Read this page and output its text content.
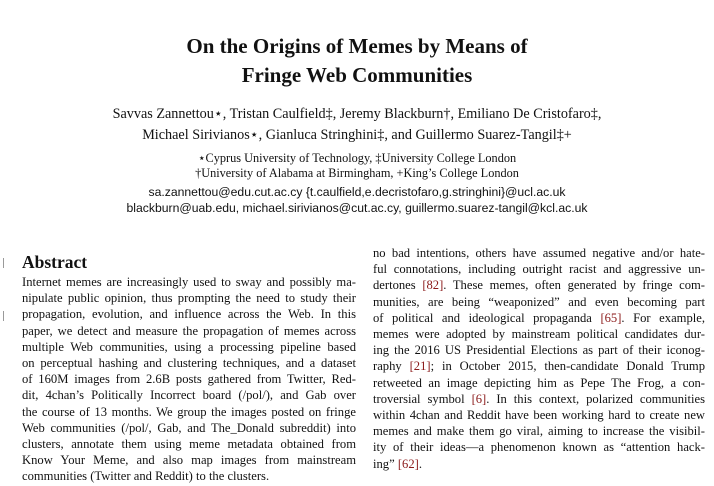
On the Origins of Memes by Means of
Fringe Web Communities
Savvas Zannettou⋆, Tristan Caulfield‡, Jeremy Blackburn†, Emiliano De Cristofaro‡,
Michael Sirivianos⋆, Gianluca Stringhini‡, and Guillermo Suarez-Tangil‡+
⋆Cyprus University of Technology, ‡University College London
†University of Alabama at Birmingham, +King’s College London
sa.zannettou@edu.cut.ac.cy {t.caulfield,e.decristofaro,g.stringhini}@ucl.ac.uk
blackburn@uab.edu, michael.sirivianos@cut.ac.cy, guillermo.suarez-tangil@kcl.ac.uk
Abstract
Internet memes are increasingly used to sway and possibly ma-
nipulate public opinion, thus prompting the need to study their
propagation, evolution, and influence across the Web. In this
paper, we detect and measure the propagation of memes across
multiple Web communities, using a processing pipeline based
on perceptual hashing and clustering techniques, and a dataset
of 160M images from 2.6B posts gathered from Twitter, Red-
dit, 4chan’s Politically Incorrect board (/pol/), and Gab over
the course of 13 months. We group the images posted on fringe
Web communities (/pol/, Gab, and The_Donald subreddit) into
clusters, annotate them using meme metadata obtained from
Know Your Meme, and also map images from mainstream
communities (Twitter and Reddit) to the clusters.
no bad intentions, others have assumed negative and/or hate-
ful connotations, including outright racist and aggressive un-
dertones [82]. These memes, often generated by fringe com-
munities, are being “weaponized” and even becoming part
of political and ideological propaganda [65]. For example,
memes were adopted by mainstream political candidates dur-
ing the 2016 US Presidential Elections as part of their iconog-
raphy [21]; in October 2015, then-candidate Donald Trump
retweeted an image depicting him as Pepe The Frog, a con-
troversial symbol [6]. In this context, polarized communities
within 4chan and Reddit have been working hard to create new
memes and make them go viral, aiming to increase the visibil-
ity of their ideas—a phenomenon known as “attention hack-
ing” [62].
